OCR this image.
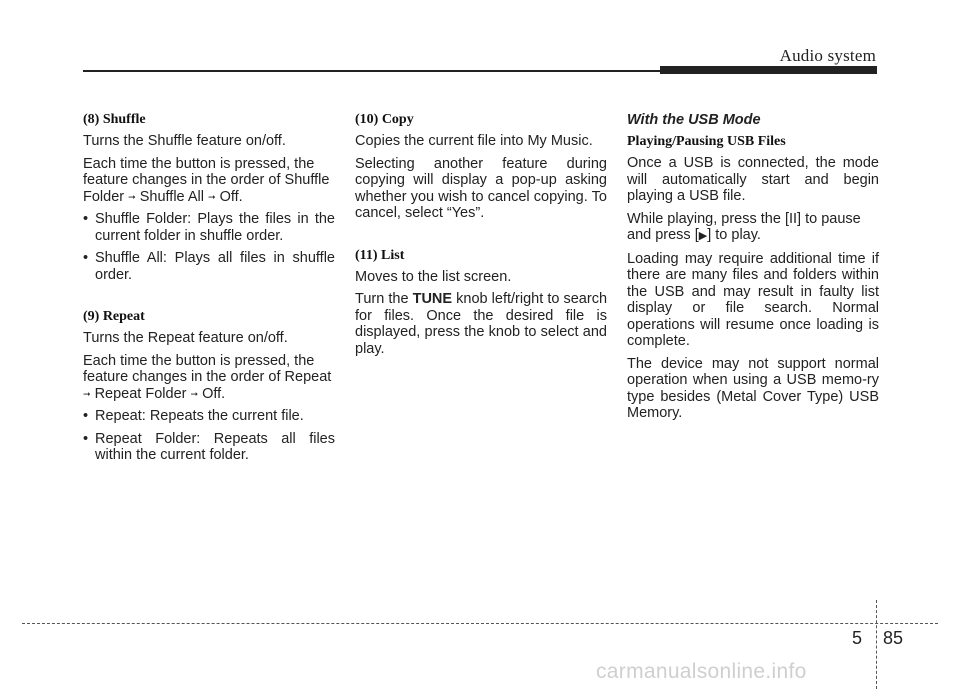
Audio system
(8) Shuffle

Turns the Shuffle feature on/off.

Each time the button is pressed, the feature changes in the order of Shuffle Folder ➞ Shuffle All ➞ Off.

• Shuffle Folder: Plays the files in the current folder in shuffle order.
• Shuffle All: Plays all files in shuffle order.
(9) Repeat

Turns the Repeat feature on/off.

Each time the button is pressed, the feature changes in the order of Repeat ➞ Repeat Folder ➞ Off.

• Repeat: Repeats the current file.
• Repeat Folder: Repeats all files within the current folder.
(10) Copy

Copies the current file into My Music.

Selecting another feature during copying will display a pop-up asking whether you wish to cancel copying. To cancel, select “Yes”.

(11) List

Moves to the list screen.

Turn the TUNE knob left/right to search for files. Once the desired file is displayed, press the knob to select and play.

With the USB Mode
Playing/Pausing USB Files

Once a USB is connected, the mode will automatically start and begin playing a USB file.

While playing, press the [II] to pause and press [▶] to play.

Loading may require additional time if there are many files and folders within the USB and may result in faulty list display or file search. Normal operations will resume once loading is complete.

The device may not support normal operation when using a USB memo-ry type besides (Metal Cover Type) USB Memory.

5 85
carmanualsonline.info
